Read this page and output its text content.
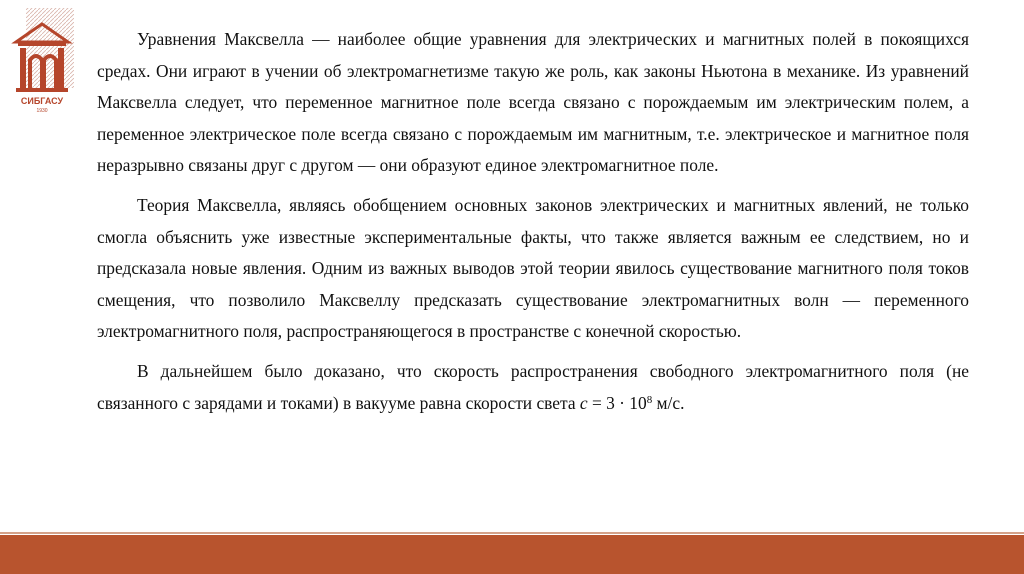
СИБГАСУ
1930

Уравнения Максвелла — наиболее общие уравнения для электрических и магнитных полей в покоящихся средах. Они играют в учении об электромагнетизме такую же роль, как законы Ньютона в механике. Из уравнений Максвелла следует, что переменное магнитное поле всегда связано с порождаемым им электрическим полем, а переменное электрическое поле всегда связано с порождаемым им магнитным, т.е. электрическое и магнитное поля неразрывно связаны друг с другом — они образуют единое электромагнитное поле.

Теория Максвелла, являясь обобщением основных законов электрических и магнитных явлений, не только смогла объяснить уже известные экспериментальные факты, что также является важным ее следствием, но и предсказала новые явления. Одним из важных выводов этой теории явилось существование магнитного поля токов смещения, что позволило Максвеллу предсказать существование электромагнитных волн — переменного электромагнитного поля, распространяющегося в пространстве с конечной скоростью.

В дальнейшем было доказано, что скорость распространения свободного электромагнитного поля (не связанного с зарядами и токами) в вакууме равна скорости света $c = 3 \cdot 10^8$ м/с.
